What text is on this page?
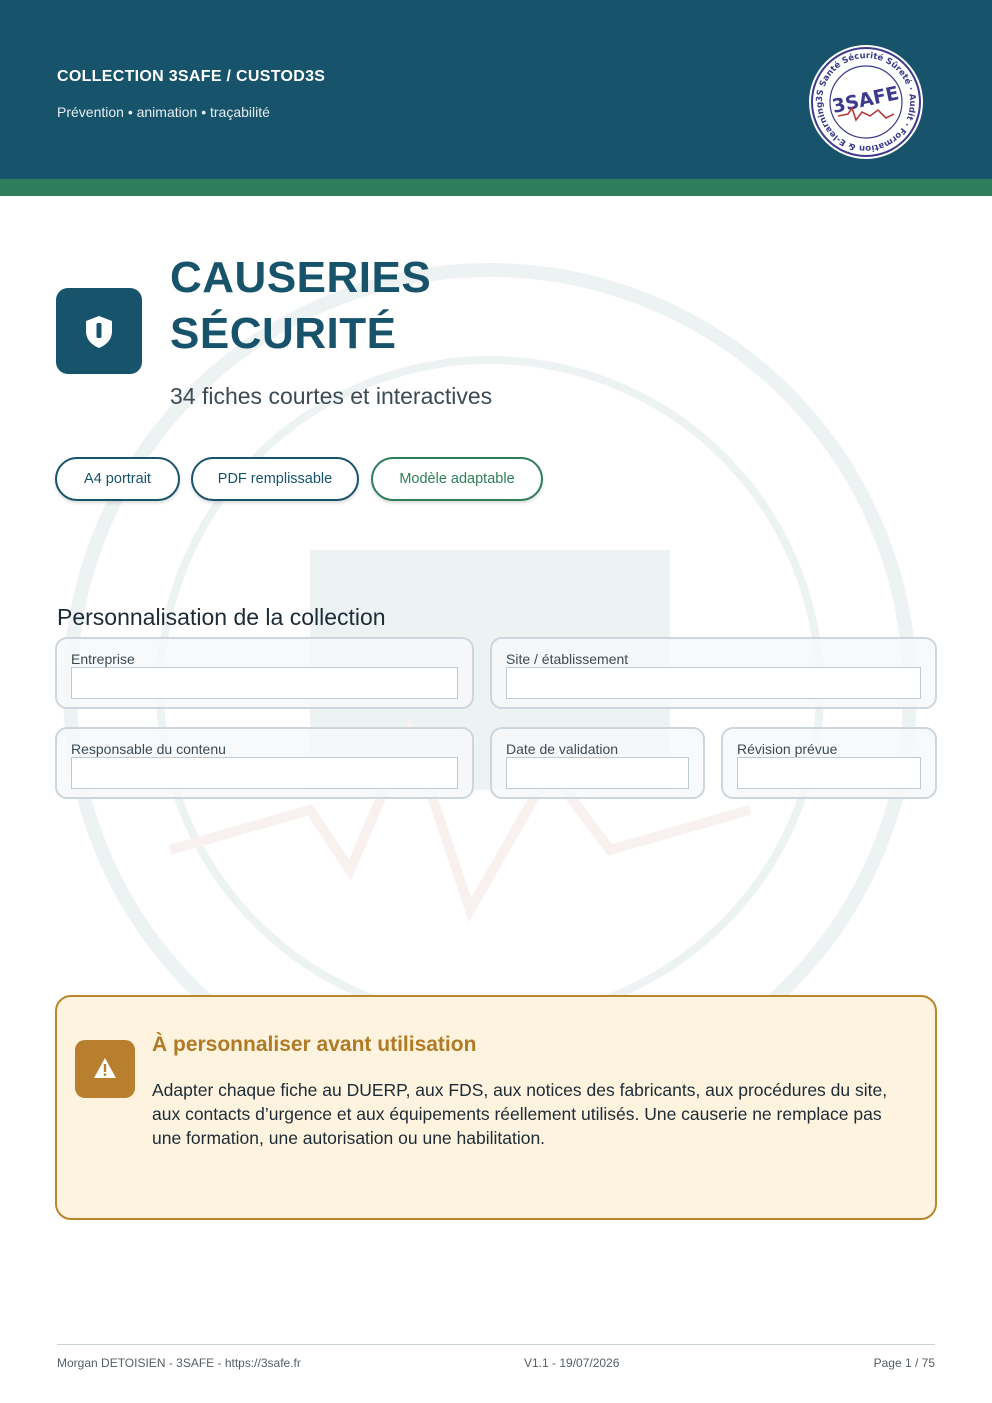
COLLECTION 3SAFE / CUSTOD3S
Prévention • animation • traçabilité
3S Santé Sécurité Sûreté · Audit · Formation & E-learning 3SAFE
CAUSERIES
SÉCURITÉ
34 fiches courtes et interactives
A4 portrait	PDF remplissable	Modèle adaptable
Personnalisation de la collection
Entreprise	Site / établissement
Responsable du contenu	Date de validation	Révision prévue
À personnaliser avant utilisation
Adapter chaque fiche au DUERP, aux FDS, aux notices des fabricants, aux procédures du site, aux contacts d’urgence et aux équipements réellement utilisés. Une causerie ne remplace pas une formation, une autorisation ou une habilitation.
Morgan DETOISIEN - 3SAFE - https://3safe.fr	V1.1 - 19/07/2026	Page 1 / 75
